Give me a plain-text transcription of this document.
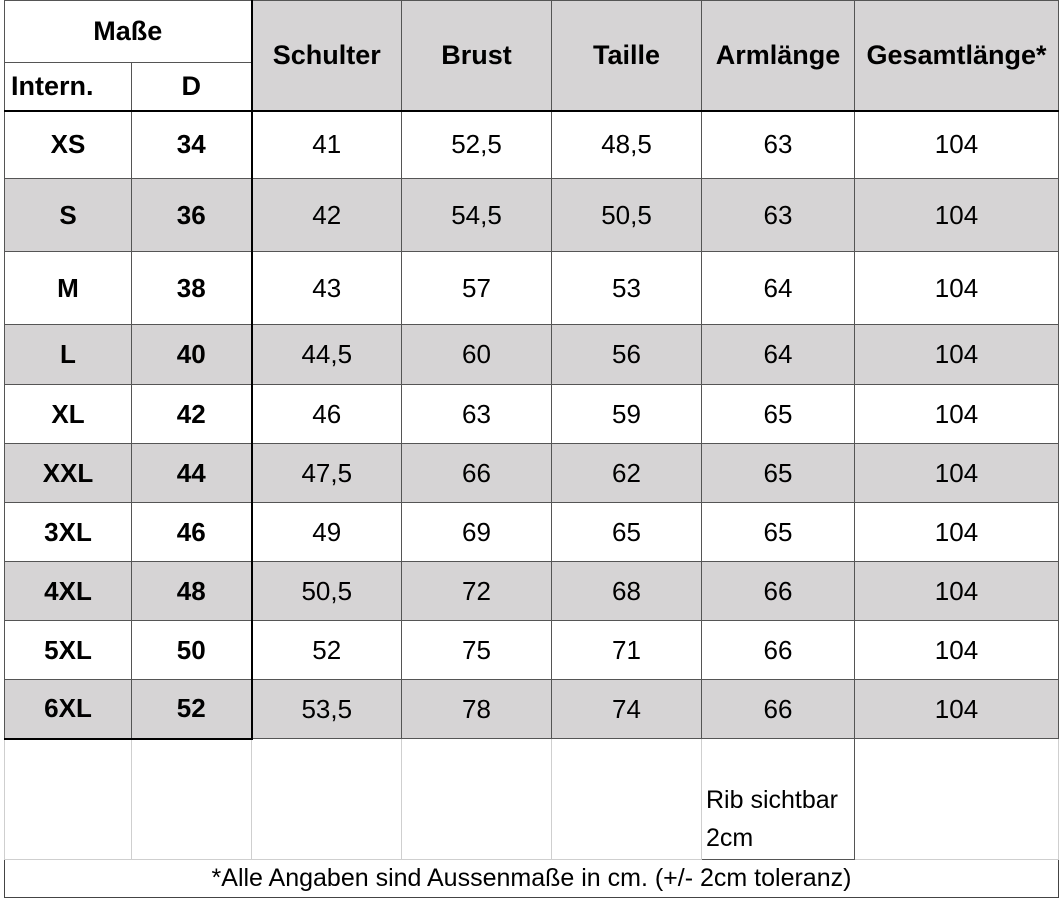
Maße		Schulter	Brust	Taille	Armlänge	Gesamtlänge*
Intern.	D					
XS	34	41	52,5	48,5	63	104
S	36	42	54,5	50,5	63	104
M	38	43	57	53	64	104
L	40	44,5	60	56	64	104
XL	42	46	63	59	65	104
XXL	44	47,5	66	62	65	104
3XL	46	49	69	65	65	104
4XL	48	50,5	72	68	66	104
5XL	50	52	75	71	66	104
6XL	52	53,5	78	74	66	104

					Rib sichtbar
2cm	

*Alle Angaben sind Aussenmaße in cm. (+/- 2cm toleranz)						
